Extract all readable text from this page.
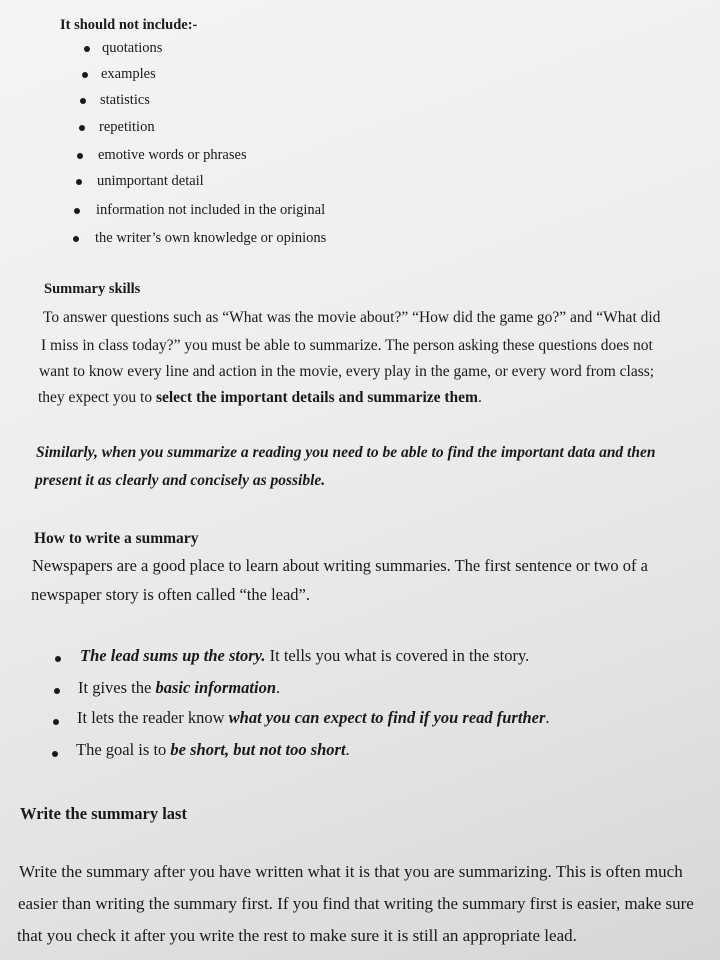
It should not include:-
quotations
examples
statistics
repetition
emotive words or phrases
unimportant detail
information not included in the original
the writer’s own knowledge or opinions
Summary skills
To answer questions such as “What was the movie about?” “How did the game go?” and “What did
I miss in class today?” you must be able to summarize. The person asking these questions does not
want to know every line and action in the movie, every play in the game, or every word from class;
they expect you to select the important details and summarize them.
Similarly, when you summarize a reading you need to be able to find the important data and then
present it as clearly and concisely as possible.
How to write a summary
Newspapers are a good place to learn about writing summaries. The first sentence or two of a
newspaper story is often called “the lead”.
The lead sums up the story. It tells you what is covered in the story.
It gives the basic information.
It lets the reader know what you can expect to find if you read further.
The goal is to be short, but not too short.
Write the summary last
Write the summary after you have written what it is that you are summarizing. This is often much
easier than writing the summary first. If you find that writing the summary first is easier, make sure
that you check it after you write the rest to make sure it is still an appropriate lead.
